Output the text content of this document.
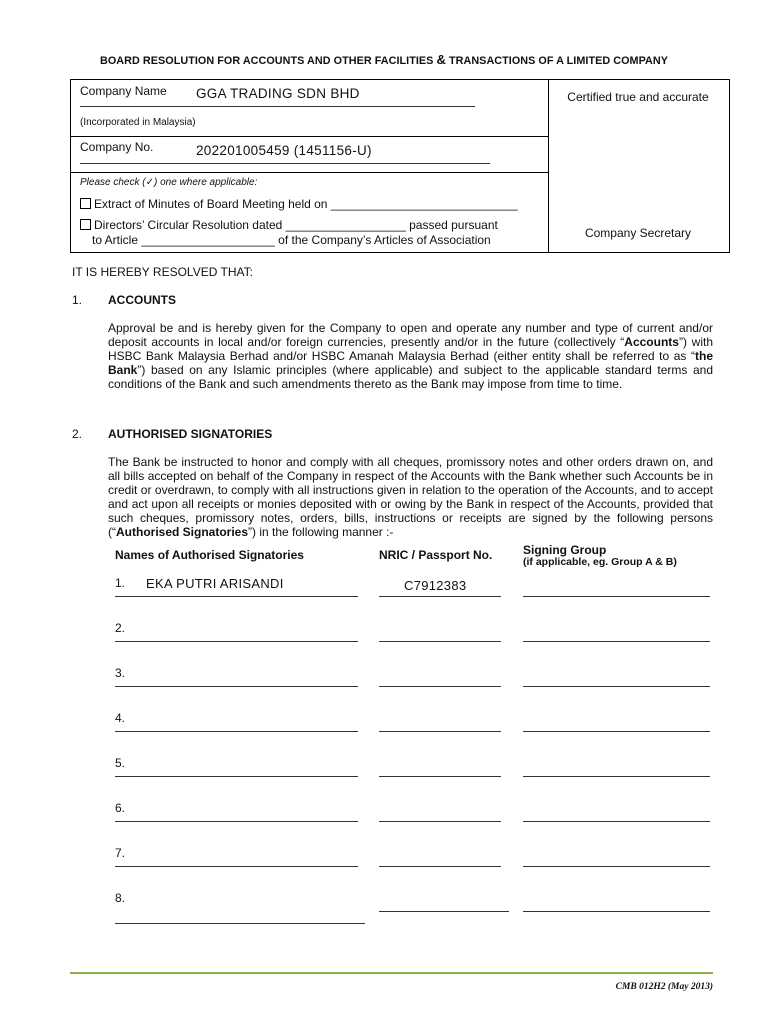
BOARD RESOLUTION FOR ACCOUNTS AND OTHER FACILITIES & TRANSACTIONS OF A LIMITED COMPANY
Company Name GGA TRADING SDN BHD
(Incorporated in Malaysia)
Company No.	202201005459 (1451156-U)
Please check (✓) one where applicable:
Extract of Minutes of Board Meeting held on ____________________________
Directors’ Circular Resolution dated __________________ passed pursuant
to Article ____________________ of the Company’s Articles of Association
Certified true and accurate
Company Secretary
IT IS HEREBY RESOLVED THAT:
1. ACCOUNTS
Approval be and is hereby given for the Company to open and operate any number and type of current and/or deposit accounts in local and/or foreign currencies, presently and/or in the future (collectively “Accounts”) with HSBC Bank Malaysia Berhad and/or HSBC Amanah Malaysia Berhad (either entity shall be referred to as “the Bank”) based on any Islamic principles (where applicable) and subject to the applicable standard terms and conditions of the Bank and such amendments thereto as the Bank may impose from time to time.
2. AUTHORISED SIGNATORIES
The Bank be instructed to honor and comply with all cheques, promissory notes and other orders drawn on, and all bills accepted on behalf of the Company in respect of the Accounts with the Bank whether such Accounts be in credit or overdrawn, to comply with all instructions given in relation to the operation of the Accounts, and to accept and act upon all receipts or monies deposited with or owing by the Bank in respect of the Accounts, provided that such cheques, promissory notes, orders, bills, instructions or receipts are signed by the following persons (“Authorised Signatories”) in the following manner :-
Names of Authorised Signatories	NRIC / Passport No.	Signing Group
(if applicable, eg. Group A & B)
1. EKA PUTRI ARISANDI	C7912383
2.
3.
4.
5.
6.
7.
8.
CMB 012H2 (May 2013)
